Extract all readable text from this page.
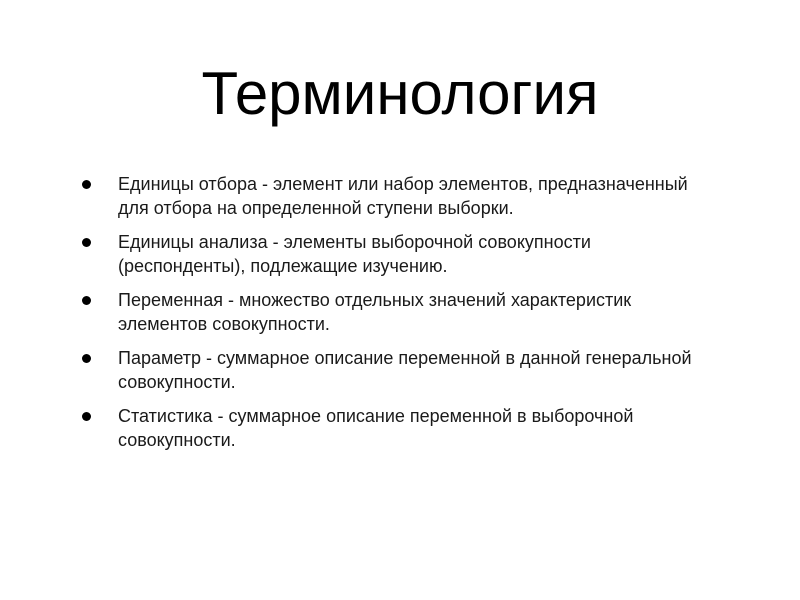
Терминология
Единицы отбора - элемент или набор элементов, предназначенный для отбора на определенной ступени выборки.
Единицы анализа - элементы выборочной совокупности (респонденты), подлежащие изучению.
Переменная - множество отдельных значений характеристик элементов совокупности.
Параметр - суммарное описание переменной в данной генеральной совокупности.
Статистика - суммарное описание переменной в выборочной совокупности.
